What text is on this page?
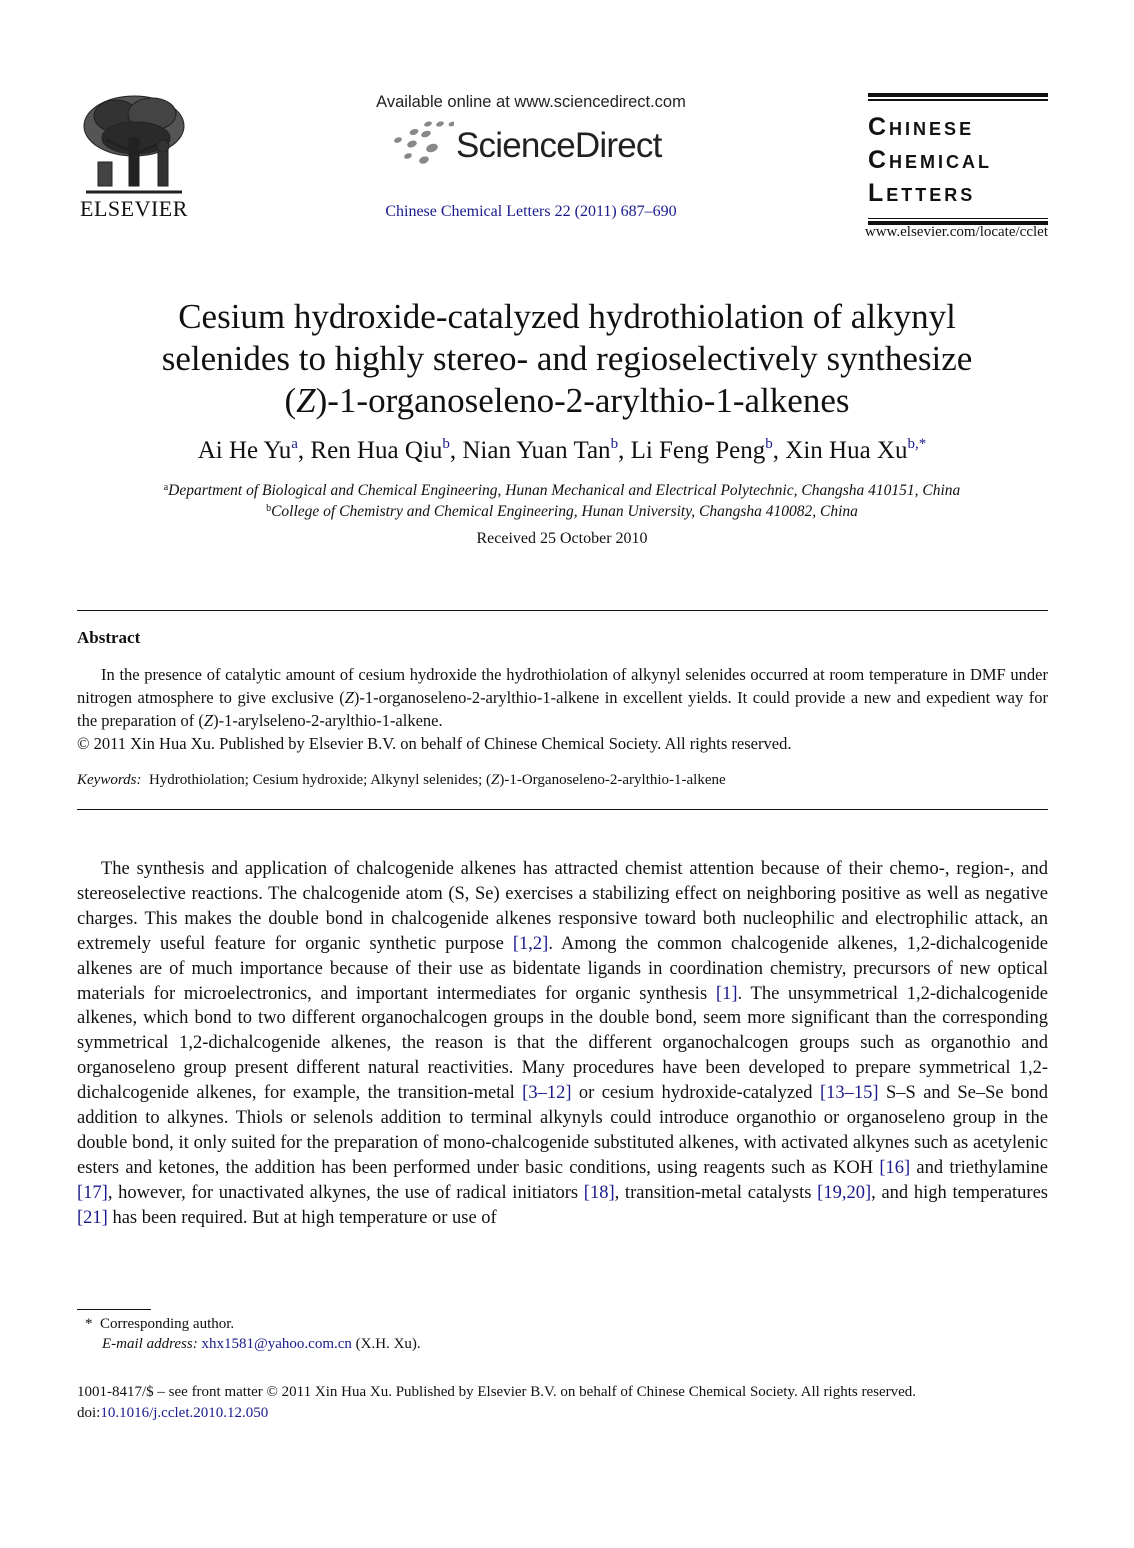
ELSEVIER
Available online at www.sciencedirect.com
ScienceDirect
Chinese Chemical Letters 22 (2011) 687–690
Chinese
Chemical
Letters
www.elsevier.com/locate/cclet
Cesium hydroxide-catalyzed hydrothiolation of alkynyl
selenides to highly stereo- and regioselectively synthesize
(Z)-1-organoseleno-2-arylthio-1-alkenes
Ai He Yu$^a$, Ren Hua Qiu$^b$, Nian Yuan Tan$^b$, Li Feng Peng$^b$, Xin Hua $Xu^{b,*}$
$^a$Department of Biological and Chemical Engineering, Hunan Mechanical and Electrical Polytechnic, Changsha 410151, China
$^b$College of Chemistry and Chemical Engineering, Hunan University, Changsha 410082, China
Received 25 October 2010
Abstract
In the presence of catalytic amount of cesium hydroxide the hydrothiolation of alkynyl selenides occurred at room temperature in DMF under nitrogen atmosphere to give exclusive (Z)-1-organoseleno-2-arylthio-1-alkene in excellent yields. It could provide a new and expedient way for the preparation of (Z)-1-arylseleno-2-arylthio-1-alkene.
© 2011 Xin Hua Xu. Published by Elsevier B.V. on behalf of Chinese Chemical Society. All rights reserved.
Keywords: Hydrothiolation; Cesium hydroxide; Alkynyl selenides; (Z)-1-Organoseleno-2-arylthio-1-alkene
The synthesis and application of chalcogenide alkenes has attracted chemist attention because of their chemo-, region-, and stereoselective reactions. The chalcogenide atom (S, Se) exercises a stabilizing effect on neighboring positive as well as negative charges. This makes the double bond in chalcogenide alkenes responsive toward both nucleophilic and electrophilic attack, an extremely useful feature for organic synthetic purpose [1,2]. Among the common chalcogenide alkenes, 1,2-dichalcogenide alkenes are of much importance because of their use as bidentate ligands in coordination chemistry, precursors of new optical materials for microelectronics, and important intermediates for organic synthesis [1]. The unsymmetrical 1,2-dichalcogenide alkenes, which bond to two different organochalcogen groups in the double bond, seem more significant than the corresponding symmetrical 1,2-dichalcogenide alkenes, the reason is that the different organochalcogen groups such as organothio and organoseleno group present different natural reactivities. Many procedures have been developed to prepare symmetrical 1,2-dichalcogenide alkenes, for example, the transition-metal [3–12] or cesium hydroxide-catalyzed [13–15] S–S and Se–Se bond addition to alkynes. Thiols or selenols addition to terminal alkynyls could introduce organothio or organoseleno group in the double bond, it only suited for the preparation of mono-chalcogenide substituted alkenes, with activated alkynes such as acetylenic esters and ketones, the addition has been performed under basic conditions, using reagents such as KOH [16] and triethylamine [17], however, for unactivated alkynes, the use of radical initiators [18], transition-metal catalysts [19,20], and high temperatures [21] has been required. But at high temperature or use of
* Corresponding author.
E-mail address: xhx1581@yahoo.com.cn (X.H. Xu).
1001-8417/$ – see front matter © 2011 Xin Hua Xu. Published by Elsevier B.V. on behalf of Chinese Chemical Society. All rights reserved.
doi:10.1016/j.cclet.2010.12.050
